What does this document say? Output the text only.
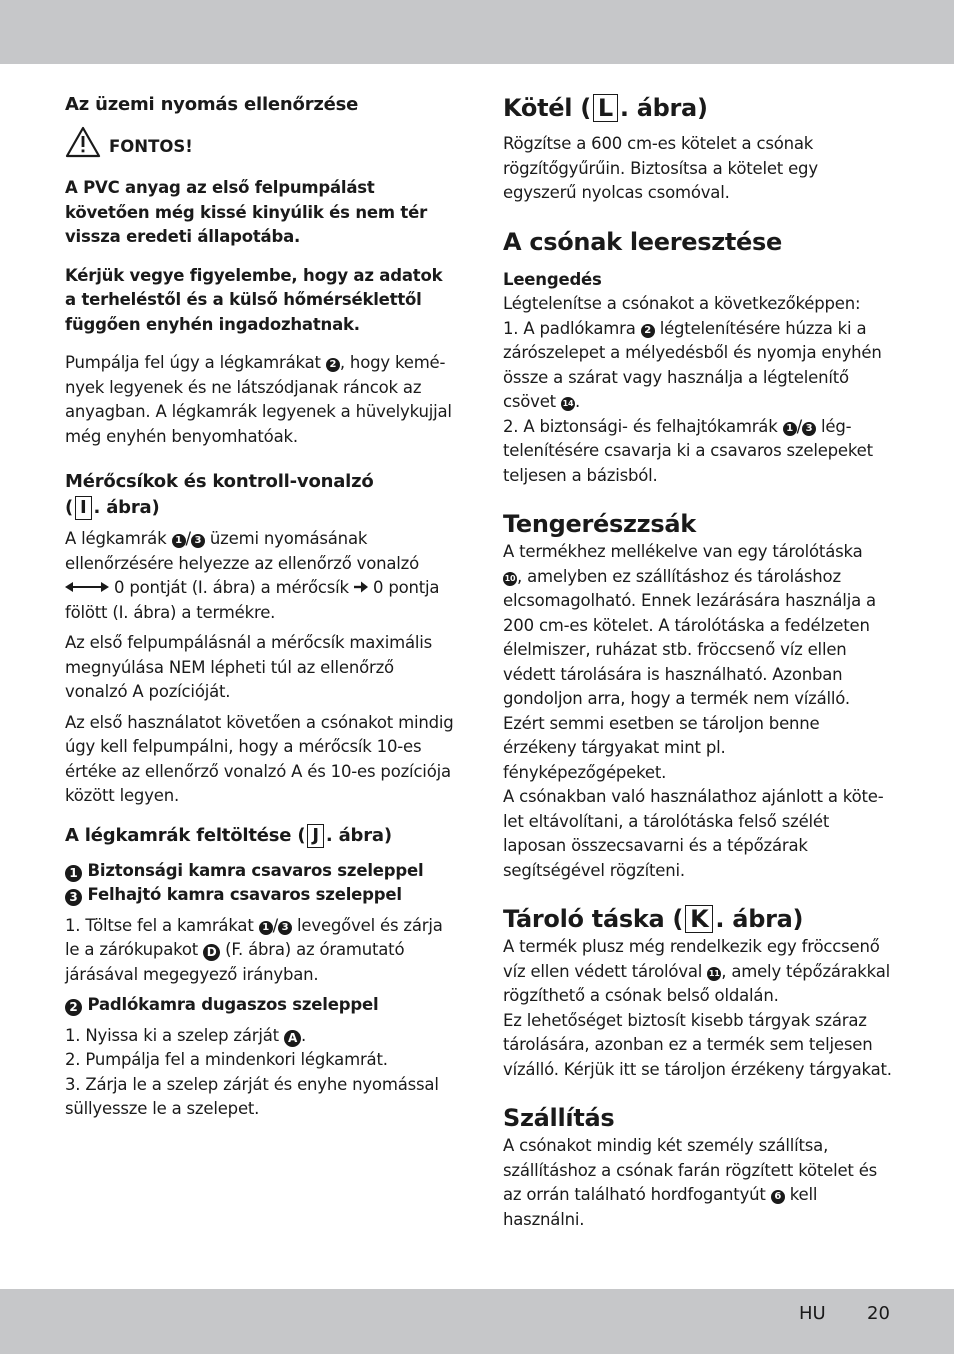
Az üzemi nyomás ellenőrzése
FONTOS!

A PVC anyag az első felpumpálást követően még kissé kinyúlik és nem tér vissza eredeti állapotába.

Kérjük vegye figyelembe, hogy az adatok a terheléstől és a külső hőmérséklettől függően enyhén ingadozhatnak.

Pumpálja fel úgy a légkamrákat 2 , hogy kemények legyenek és ne látszódjanak ráncok az anyagban. A légkamrák legyenek a hüvelykujjal még enyhén benyomhatóak.

Mérőcsíkok és kontroll-vonalzó
( I . ábra)

A légkamrák 1 / 3 üzemi nyomásának ellenőrzésére helyezze az ellenőrző vonalzó
0 pontját (I. ábra) a mérőcsík  0 pontja fölött (I. ábra) a termékre.

Az első felpumpálásnál a mérőcsík maximális megnyúlása NEM lépheti túl az ellenőrző vonalzó A pozícióját.

Az első használatot követően a csónakot mindig úgy kell felpumpálni, hogy a mérőcsík 10-es értéke az ellenőrző vonalzó A és 10-es pozíciója között legyen.

A légkamrák feltöltése ( J . ábra)

1 Biztonsági kamra csavaros szeleppel

3 Felhajtó kamra csavaros szeleppel

1. Töltse fel a kamrákat 1 / 3 levegővel és zárja le a zárókupakot D (F. ábra) az óramutató járásával megegyező irányban.

2 Padlókamra dugaszos szeleppel

1. Nyissa ki a szelep zárját A .

2. Pumpálja fel a mindenkori légkamrát.

3. Zárja le a szelep zárját és enyhe nyomással süllyessze le a szelepet.

Kötél ( L . ábra)

Rögzítse a 600 cm-es kötelet a csónak rögzítőgyűrűin. Biztosítsa a kötelet egy egyszerű nyolcas csomóval.

A csónak leeresztése

Leengedés

Légtelenítse a csónakot a következőképpen:

1. A padlókamra 2 légtelenítésére húzza ki a zárószelepet a mélyedésből és nyomja enyhén össze a szárat vagy használja a légtelenítő csövet 14.

2. A biztonsági- és felhajtókamrák 1 / 3 légtelenítésére csavarja ki a csavaros szelepeket teljesen a bázisból.

Tengerészzsák

A termékhez mellékelve van egy tárolótáska
10, amelyben ez szállításhoz és tároláshoz elcsomagolható. Ennek lezárására használja a 200 cm-es kötelet. A tárolótáska a fedélzeten élelmiszer, ruházat stb. fröccsenő víz ellen védett tárolására is használható. Azonban gondoljon arra, hogy a termék nem vízálló.

Ezért semmi esetben se tároljon benne érzékeny tárgyakat mint pl. fényképezőgépeket.

A csónakban való használathoz ajánlott a kötelet eltávolítani, a tárolótáska felső szélét laposan összecsavarni és a tépőzárak segítségével rögzíteni.

Tároló táska ( K . ábra)

A termék plusz még rendelkezik egy fröccsenő víz ellen védett tárolóval 11, amely tépőzárakkal rögzíthető a csónak belső oldalán.

Ez lehetőséget biztosít kisebb tárgyak száraz tárolására, azonban ez a termék sem teljesen vízálló. Kérjük itt se tároljon érzékeny tárgyakat.

Szállítás

A csónakot mindig két személy szállítsa, szállításhoz a csónak farán rögzített kötelet és az orrán található hordfogantyút 6 kell használni.

HU 20
